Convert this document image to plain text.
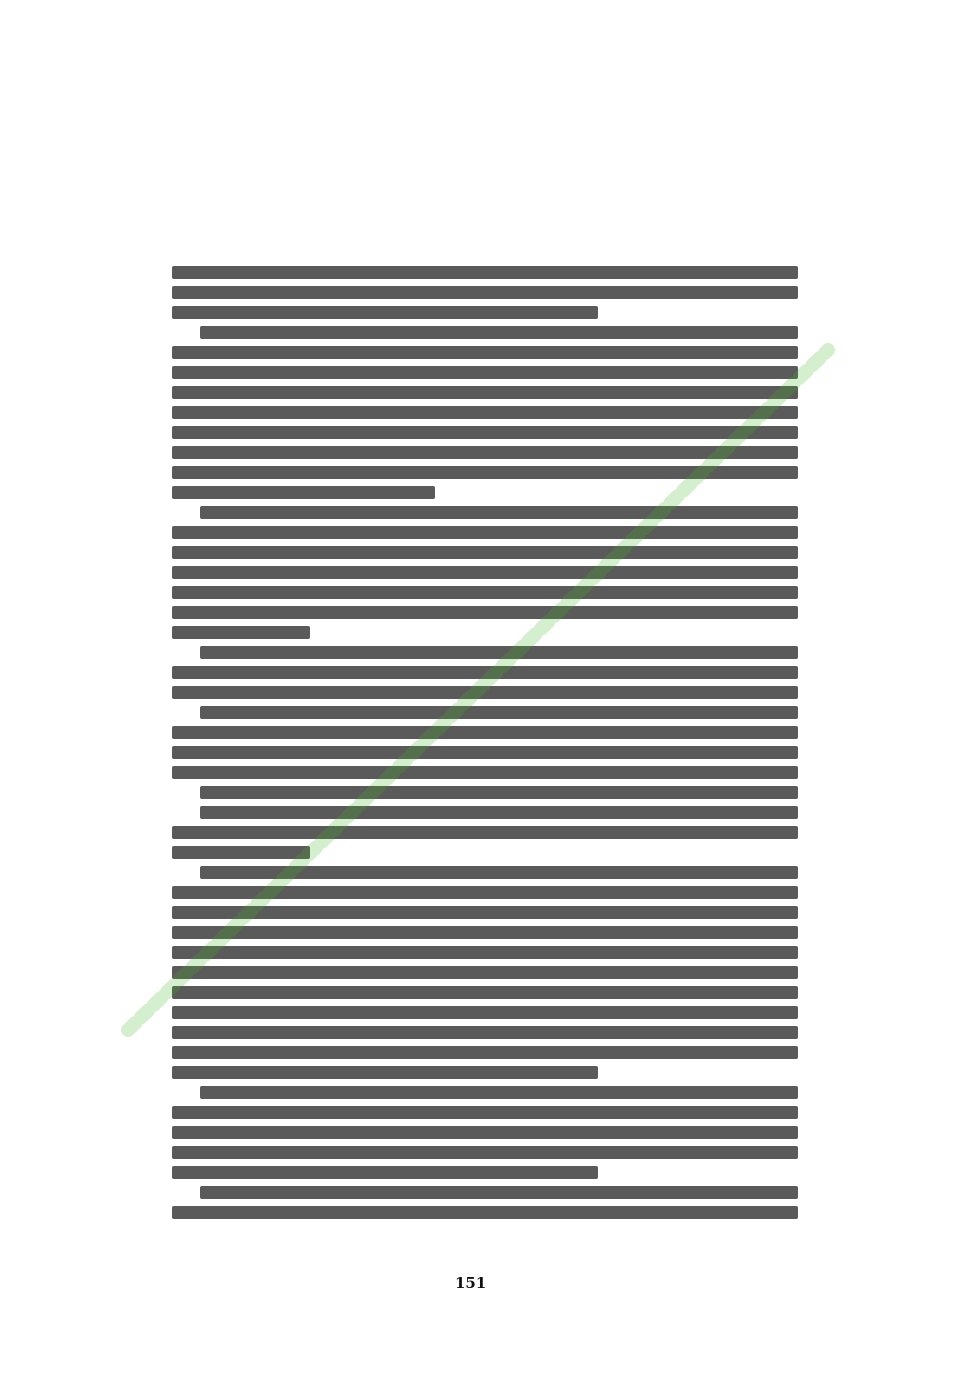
151
